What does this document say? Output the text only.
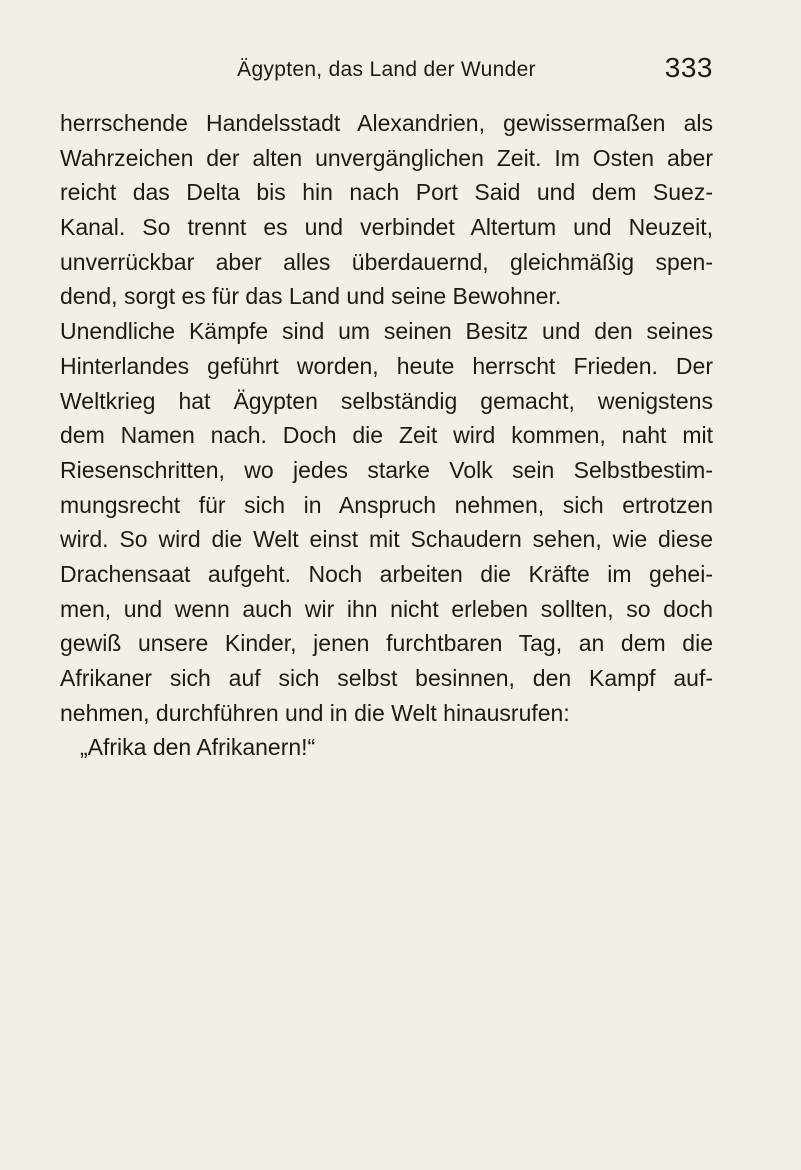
Ägypten, das Land der Wunder	333
herrschende Handelsstadt Alexandrien, gewissermaßen als
Wahrzeichen der alten unvergänglichen Zeit. Im Osten aber
reicht das Delta bis hin nach Port Said und dem Suez-
Kanal. So trennt es und verbindet Altertum und Neuzeit,
unverrückbar aber alles überdauernd, gleichmäßig spen-
dend, sorgt es für das Land und seine Bewohner.
Unendliche Kämpfe sind um seinen Besitz und den seines
Hinterlandes geführt worden, heute herrscht Frieden. Der
Weltkrieg hat Ägypten selbständig gemacht, wenigstens
dem Namen nach. Doch die Zeit wird kommen, naht mit
Riesenschritten, wo jedes starke Volk sein Selbstbestim-
mungsrecht für sich in Anspruch nehmen, sich ertrotzen
wird. So wird die Welt einst mit Schaudern sehen, wie diese
Drachensaat aufgeht. Noch arbeiten die Kräfte im gehei-
men, und wenn auch wir ihn nicht erleben sollten, so doch
gewiß unsere Kinder, jenen furchtbaren Tag, an dem die
Afrikaner sich auf sich selbst besinnen, den Kampf auf-
nehmen, durchführen und in die Welt hinausrufen:
„Afrika den Afrikanern!“
